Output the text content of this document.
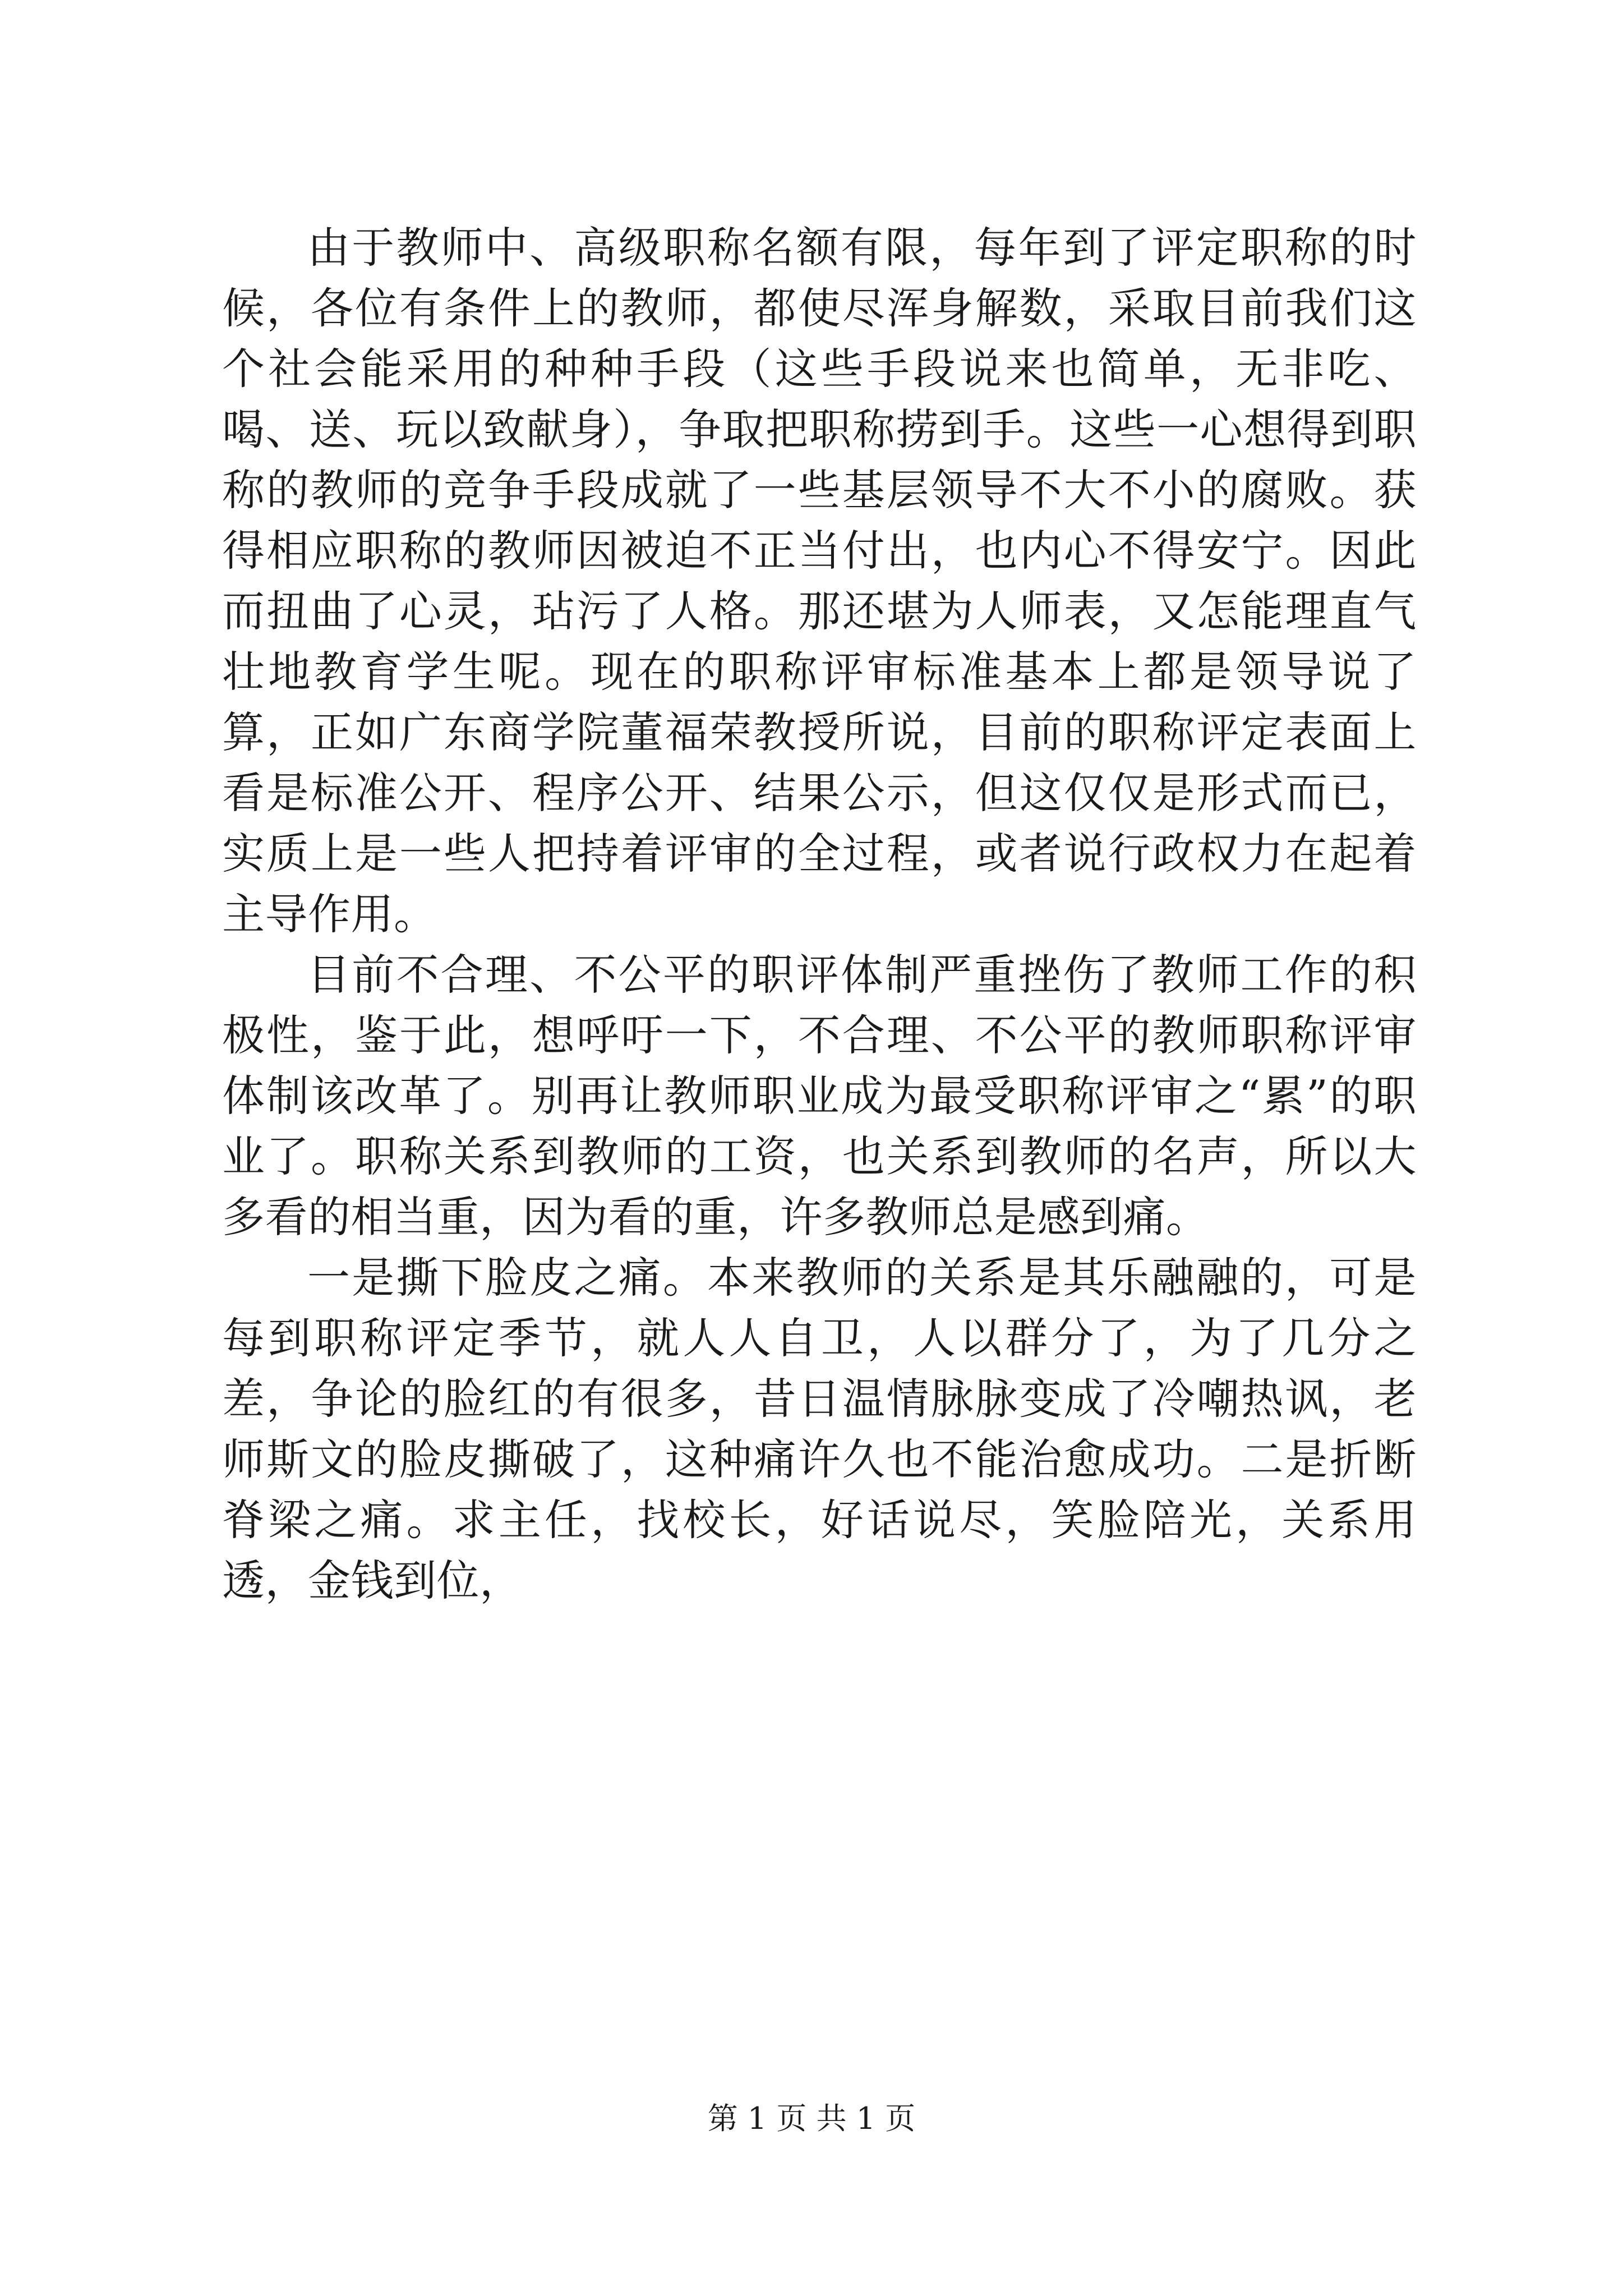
由于教师中、高级职称名额有限，每年到了评定职称的时候，各位有条件上的教师，都使尽浑身解数，采取目前我们这个社会能采用的种种手段（这些手段说来也简单，无非吃、喝、送、玩以致献身），争取把职称捞到手。这些一心想得到职称的教师的竞争手段成就了一些基层领导不大不小的腐败。获得相应职称的教师因被迫不正当付出，也内心不得安宁。因此而扭曲了心灵，玷污了人格。那还堪为人师表，又怎能理直气壮地教育学生呢。现在的职称评审标准基本上都是领导说了算，正如广东商学院董福荣教授所说，目前的职称评定表面上看是标准公开、程序公开、结果公示，但这仅仅是形式而已，实质上是一些人把持着评审的全过程，或者说行政权力在起着主导作用。

目前不合理、不公平的职评体制严重挫伤了教师工作的积极性，鉴于此，想呼吁一下，不合理、不公平的教师职称评审体制该改革了。别再让教师职业成为最受职称评审之“累”的职业了。职称关系到教师的工资，也关系到教师的名声，所以大多看的相当重，因为看的重，许多教师总是感到痛。

一是撕下脸皮之痛。本来教师的关系是其乐融融的，可是每到职称评定季节，就人人自卫，人以群分了，为了几分之差，争论的脸红的有很多，昔日温情脉脉变成了冷嘲热讽，老师斯文的脸皮撕破了，这种痛许久也不能治愈成功。二是折断脊梁之痛。求主任，找校长，好话说尽，笑脸陪光，关系用透，金钱到位，

第 1 页 共 1 页
